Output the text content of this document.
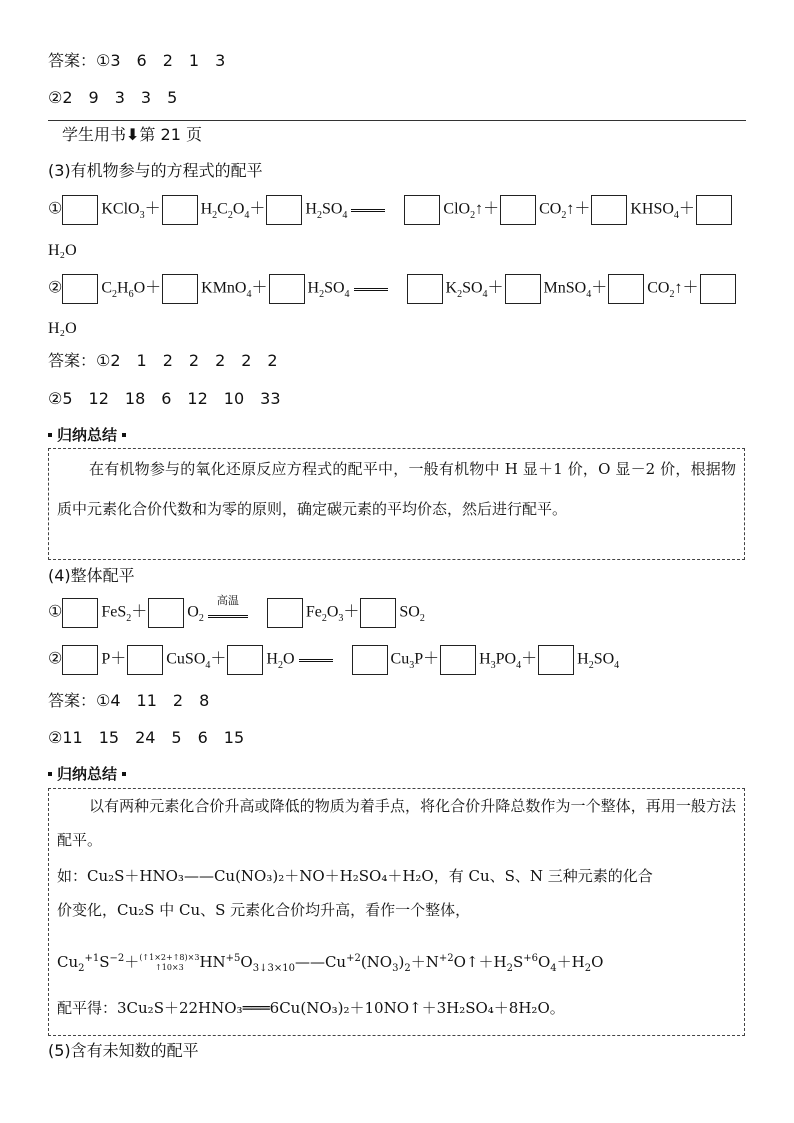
答案：①3　6　2　1　3
②2　9　3　3　5
学生用书⬇第 21 页
(3)有机物参与的方程式的配平
① KClO$_3$＋	$H_2C_2O_4+$	$H_2SO_4$	ClO$_2$↑＋	$CO_2↑+$	$KHSO_4+$
H₂O
② $C_2H_6O+$	KMnO$_4$＋	$H_2SO_4$	$K_2SO_4+$	MnSO$_4$＋	$CO_2↑+$
H₂O
答案：①2　1　2　2　2　2　2
②5　12　18　6　12　10　33
归纳总结
在有机物参与的氧化还原反应方程式的配平中，一般有机物中 H 显＋1 价，O 显－2 价，根据物质中元素化合价代数和为零的原则，确定碳元素的平均价态，然后进行配平。
(4)整体配平
① FeS$_2$＋	$O_2$
高温
$Fe_2O_3+$	$SO_2$
② P＋	CuSO$_4$＋	$H_2O$	$Cu_3P+$	$H_3PO_4+$	$H_2SO_4$
答案：①4　11　2　8
②11　15　24　5　6　15
归纳总结
以有两种元素化合价升高或降低的物质为着手点，将化合价升降总数作为一个整体，再用一般方法配平。
如：Cu₂S＋HNO₃——Cu(NO₃)₂＋NO＋H₂SO₄＋H₂O，有 Cu、S、N 三种元素的化合
价变化，Cu₂S 中 Cu、S 元素化合价均升高，看作一个整体，
$Cu_2^{+1}S^{-2}+(↑1\times 2+↑8)\times 3$
↑10×3 $HN^{+5}O_{3↓3\times 10}——Cu^{+2}(NO_3)_2+N^{+2}O↑+H_2S^{+6}O_4+H_2O$
配平得：3Cu₂S＋22HNO₃═══6Cu(NO₃)₂＋10NO↑＋3H₂SO₄＋8H₂O。
(5)含有未知数的配平
